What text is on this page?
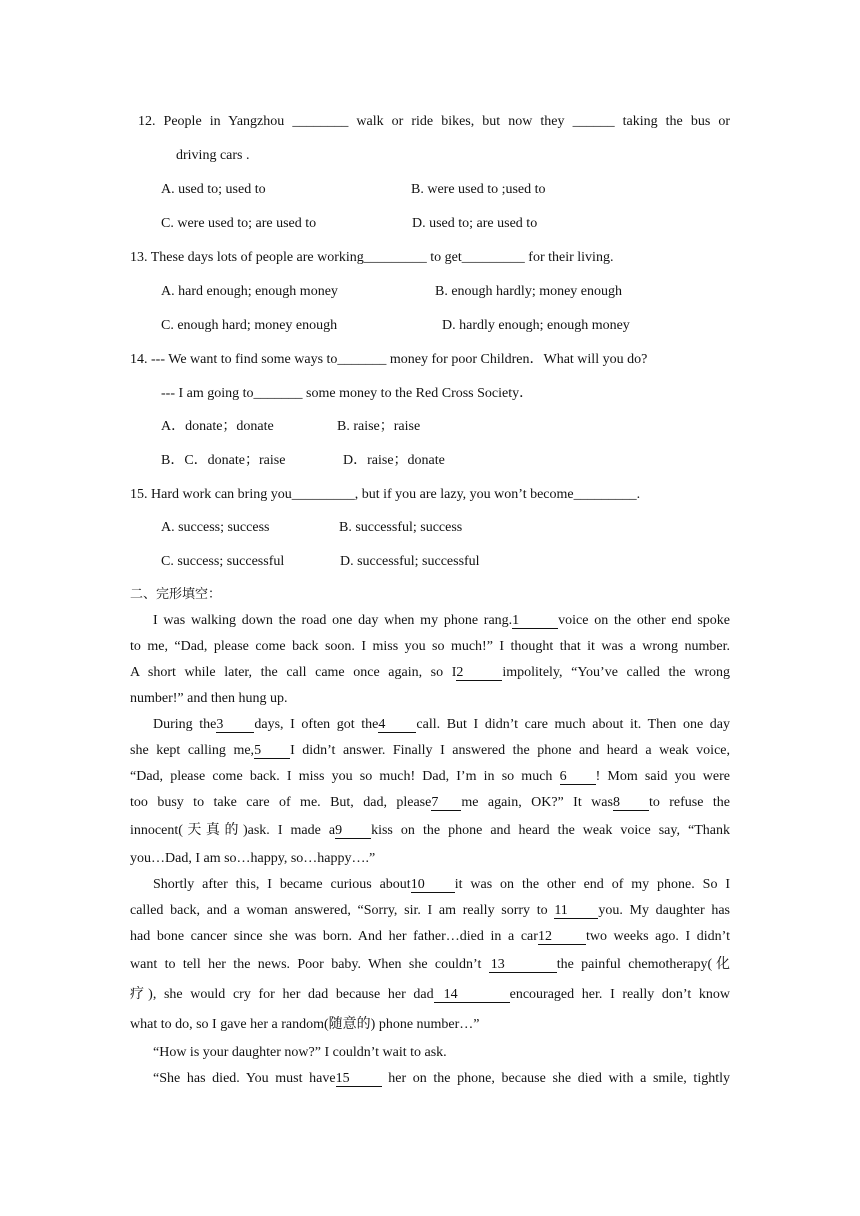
12. People in Yangzhou ________ walk or ride bikes, but now they ______ taking the bus or
driving cars .
A. used to; used to	B. were used to ;used to
C. were used to; are used to	D. used to; are used to
13. These days lots of people are working_________ to get_________ for their living.
A. hard enough; enough money	B. enough hardly; money enough
C. enough hard; money enough	D. hardly enough; enough money
14. --- We want to find some ways to_______ money for poor Children．What will you do?
--- I am going to_______ some money to the Red Cross Society．
A．donate；donate	B. raise；raise
B．C．donate；raise	D．raise；donate
15. Hard work can bring you_________, but if you are lazy, you won’t become_________.
A. success; success	B. successful; success
C. success; successful	D. successful; successful
二、完形填空：
I was walking down the road one day when my phone rang.1	voice on the other end spoke
to me, “Dad, please come back soon. I miss you so much!” I thought that it was a wrong number.
A short while later, the call came once again, so I2	impolitely, “You’ve called the wrong
number!” and then hung up.
During the3 days, I often got the4 call. But I didn’t care much about it. Then one day
she kept calling me,5 I didn’t answer. Finally I answered the phone and heard a weak voice,
“Dad, please come back. I miss you so much! Dad, I’m in so much 6 ! Mom said you were
too busy to take care of me. But, dad, please7 me again, OK?” It was8 to refuse the
innocent(天真的)ask. I made a9 kiss on the phone and heard the weak voice say, “Thank
you…Dad, I am so…happy, so…happy….”
Shortly after this, I became curious about10 it was on the other end of my phone. So I
called back, and a woman answered, “Sorry, sir. I am really sorry to 11 you. My daughter has
had bone cancer since she was born. And her father…died in a car12 two weeks ago. I didn’t
want to tell her the news. Poor baby. When she couldn’t 13	the painful chemotherapy(化
疗), she would cry for her dad because her dad 14	encouraged her. I really don’t know
what to do, so I gave her a random(随意的) phone number…”
“How is your daughter now?” I couldn’t wait to ask.
“She has died. You must have15	her on the phone, because she died with a smile, tightly
